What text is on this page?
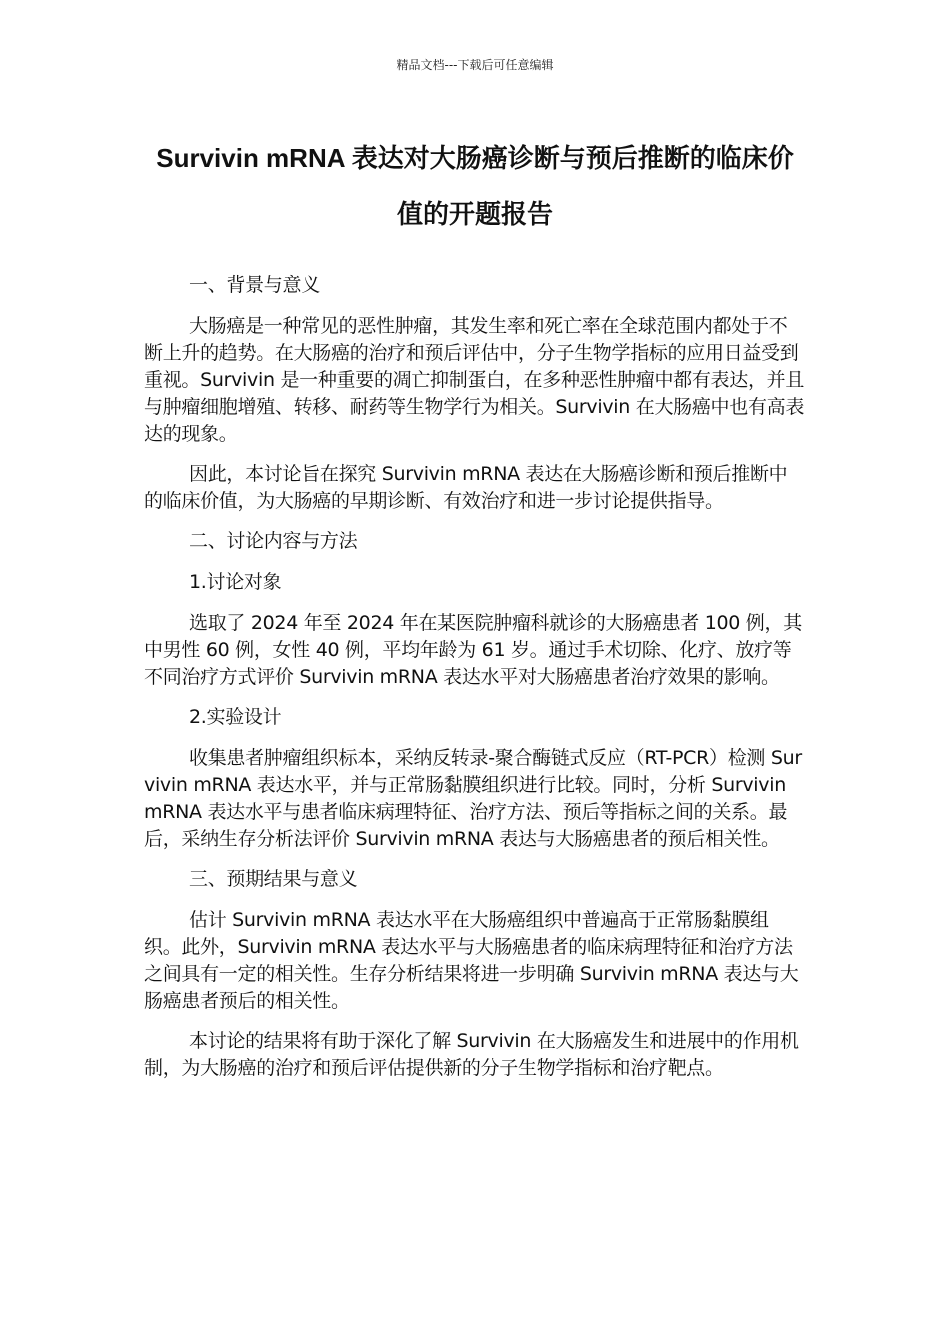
精品文档---下载后可任意编辑
Survivin mRNA 表达对大肠癌诊断与预后推断的临床价值的开题报告

一、背景与意义

大肠癌是一种常见的恶性肿瘤，其发生率和死亡率在全球范围内都处于不断上升的趋势。在大肠癌的治疗和预后评估中，分子生物学指标的应用日益受到重视。Survivin 是一种重要的凋亡抑制蛋白，在多种恶性肿瘤中都有表达，并且与肿瘤细胞增殖、转移、耐药等生物学行为相关。Survivin 在大肠癌中也有高表达的现象。

因此，本讨论旨在探究 Survivin mRNA 表达在大肠癌诊断和预后推断中的临床价值，为大肠癌的早期诊断、有效治疗和进一步讨论提供指导。

二、讨论内容与方法

1.讨论对象

选取了 2024 年至 2024 年在某医院肿瘤科就诊的大肠癌患者 100 例，其中男性 60 例，女性 40 例，平均年龄为 61 岁。通过手术切除、化疗、放疗等不同治疗方式评价 Survivin mRNA 表达水平对大肠癌患者治疗效果的影响。

2.实验设计

收集患者肿瘤组织标本，采纳反转录-聚合酶链式反应（RT-PCR）检测 Survivin mRNA 表达水平，并与正常肠黏膜组织进行比较。同时，分析 Survivin mRNA 表达水平与患者临床病理特征、治疗方法、预后等指标之间的关系。最后，采纳生存分析法评价 Survivin mRNA 表达与大肠癌患者的预后相关性。

三、预期结果与意义

估计 Survivin mRNA 表达水平在大肠癌组织中普遍高于正常肠黏膜组织。此外，Survivin mRNA 表达水平与大肠癌患者的临床病理特征和治疗方法之间具有一定的相关性。生存分析结果将进一步明确 Survivin mRNA 表达与大肠癌患者预后的相关性。

本讨论的结果将有助于深化了解 Survivin 在大肠癌发生和进展中的作用机制，为大肠癌的治疗和预后评估提供新的分子生物学指标和治疗靶点。
